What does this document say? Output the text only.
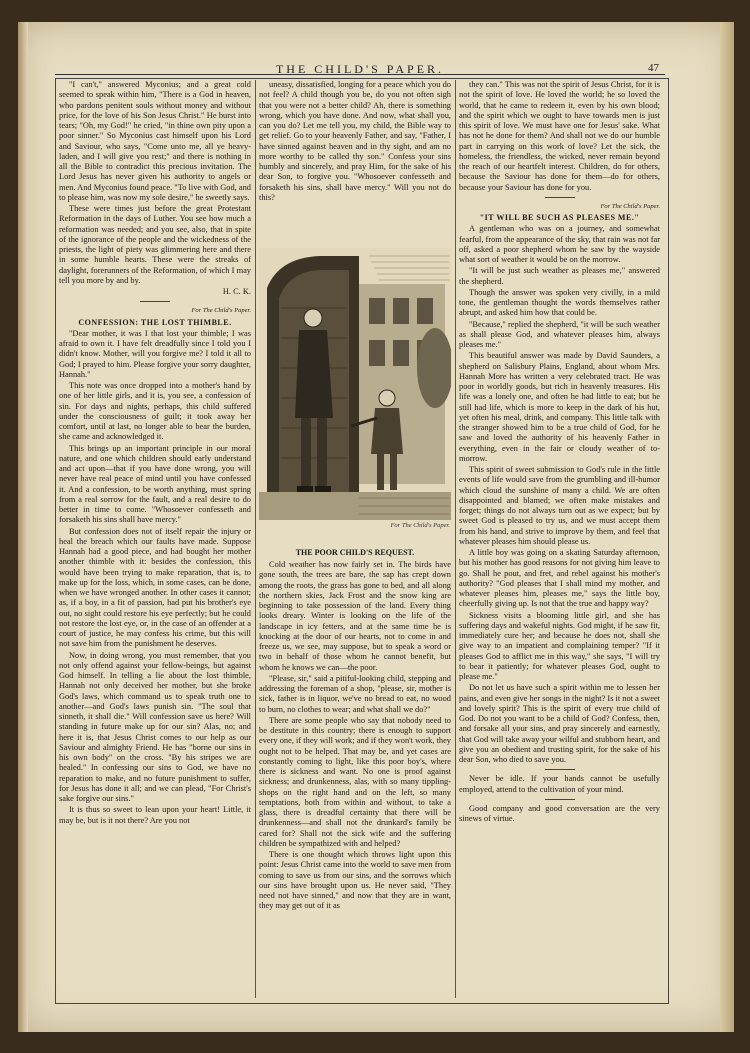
THE CHILD'S PAPER.	47

"I can't," answered Myconius; and a great cold seemed to speak within him, "There is a God in heaven, who pardons penitent souls without money and without price, for the love of his Son Jesus Christ." He burst into tears; "Oh, my God!" he cried, "in thine own pity upon a poor sinner." So Myconius cast himself upon his Lord and Saviour, who says, "Come unto me, all ye heavy-laden, and I will give you rest;" and there is nothing in all the Bible to contradict this precious invitation. The Lord Jesus has never given his authority to angels or men. And Myconius found peace. "To live with God, and to please him, was now my sole desire," he sweetly says.

These were times just before the great Protestant Reformation in the days of Luther. You see how much a reformation was needed; and you see, also, that in spite of the ignorance of the people and the wickedness of the priests, the light of piety was glimmering here and there in some humble hearts. These were the streaks of daylight, forerunners of the Reformation, of which I may tell you more by and by.

H. C. K.

For The Child's Paper.

CONFESSION: THE LOST THIMBLE.

"Dear mother, it was I that lost your thimble; I was afraid to own it. I have felt dreadfully since I told you I didn't know. Mother, will you forgive me? I told it all to God; I prayed to him. Please forgive your sorry daughter, Hannah."

This note was once dropped into a mother's hand by one of her little girls, and it is, you see, a confession of sin. For days and nights, perhaps, this child suffered under the consciousness of guilt; it took away her comfort, until at last, no longer able to bear the burden, she came and acknowledged it.

This brings up an important principle in our moral nature, and one which children should early understand and act upon—that if you have done wrong, you will never have real peace of mind until you have confessed it. And a confession, to be worth anything, must spring from a real sorrow for the fault, and a real desire to do better in time to come. "Whosoever confesseth and forsaketh his sins shall have mercy."

But confession does not of itself repair the injury or heal the breach which our faults have made. Suppose Hannah had a good piece, and had bought her mother another thimble with it: besides the confession, this would have been trying to make reparation, that is, to make up for the loss, which, in some cases, can be done, when we have wronged another. In other cases it cannot; as, if a boy, in a fit of passion, had put his brother's eye out, no sight could restore his eye perfectly; but he could not restore the lost eye, or, in the case of an offender at a court of justice, he may confess his crime, but this will not save him from the punishment he deserves.

Now, in doing wrong, you must remember, that you not only offend against your fellow-beings, but against God himself. In telling a lie about the lost thimble, Hannah not only deceived her mother, but she broke God's laws, which command us to speak truth one to another—and God's laws punish sin. "The soul that sinneth, it shall die." Will confession save us here? Will standing in future make up for our sin? Alas, no; and here it is, that Jesus Christ comes to our help as our Saviour and almighty Friend. He has "borne our sins in his own body" on the cross. "By his stripes we are healed." In confessing our sins to God, we have no reparation to make, and no future punishment to suffer, for Jesus has done it all; and we can plead, "For Christ's sake forgive our sins."

It is thus so sweet to lean upon your heart! Little, it may be, but is it not there? Are you not

uneasy, dissatisfied, longing for a peace which you do not feel? A child though you be, do you not often sigh that you were not a better child? Ah, there is something wrong, which you have done. And now, what shall you, can you do? Let me tell you, my child, the Bible way to get relief. Go to your heavenly Father, and say, "Father, I have sinned against heaven and in thy sight, and am no more worthy to be called thy son." Confess your sins humbly and sincerely, and pray Him, for the sake of his dear Son, to forgive you. "Whosoever confesseth and forsaketh his sins, shall have mercy." Will you not do this?

For The Child's Paper.
THE POOR CHILD'S REQUEST.

Cold weather has now fairly set in. The birds have gone south, the trees are bare, the sap has crept down among the roots, the grass has gone to bed, and all along the northern skies, Jack Frost and the snow king are beginning to take possession of the land. Every thing looks dreary. Winter is looking on the life of the landscape in icy fetters, and at the same time he is knocking at the door of our hearts, not to come in and freeze us, we see, may suppose, but to speak a word or two in behalf of those whom he cannot benefit, but whom he knows we can—the poor.

"Please, sir," said a pitiful-looking child, stepping and addressing the foreman of a shop, "please, sir, mother is sick, father is in liquor, we've no bread to eat, no wood to burn, no clothes to wear; and what shall we do?"

There are some people who say that nobody need to be destitute in this country; there is enough to support every one, if they will work; and if they won't work, they ought not to be helped. That may be, and yet cases are constantly coming to light, like this poor boy's, where there is sickness and want. No one is proof against sickness; and drunkenness, alas, with so many tippling-shops on the right hand and on the left, so many temptations, both from within and without, to take a glass, there is dreadful certainty that there will be drunkenness—and shall not the drunkard's family be cared for? Shall not the sick wife and the suffering children be sympathized with and helped?

There is one thought which throws light upon this point: Jesus Christ came into the world to save men from coming to save us from our sins, and the sorrows which our sins have brought upon us. He never said, "They need not have sinned," and now that they are in want, they may get out of it as

they can." This was not the spirit of Jesus Christ, for it is not the spirit of love. He loved the world; he so loved the world, that he came to redeem it, even by his own blood; and the spirit which we ought to have towards men is just this spirit of love. We must have one for Jesus' sake. What has not he done for them? And shall not we do our humble part in carrying on this work of love? Let the sick, the homeless, the friendless, the wicked, never remain beyond the reach of our heartfelt interest. Children, do for others, because the Saviour has done for them—do for others, because your Saviour has done for you.

For The Child's Paper.

"IT WILL BE SUCH AS PLEASES ME."

A gentleman who was on a journey, and somewhat fearful, from the appearance of the sky, that rain was not far off, asked a poor shepherd whom he saw by the wayside what sort of weather it would be on the morrow.

"It will be just such weather as pleases me," answered the shepherd.

Though the answer was spoken very civilly, in a mild tone, the gentleman thought the words themselves rather abrupt, and asked him how that could be.

"Because," replied the shepherd, "it will be such weather as shall please God, and whatever pleases him, always pleases me."

This beautiful answer was made by David Saunders, a shepherd on Salisbury Plains, England, about whom Mrs. Hannah More has written a very celebrated tract. He was poor in worldly goods, but rich in heavenly treasures. His life was a lonely one, and often he had little to eat; but he still had life, which is more to keep in the dark of his hut, yet often his meal, drink, and company. This little talk with the stranger showed him to be a true child of God, for he saw and loved the authority of his heavenly Father in everything, even in the fair or cloudy weather of to-morrow.

This spirit of sweet submission to God's rule in the little events of life would save from the grumbling and ill-humor which cloud the sunshine of many a child. We are often disappointed and blamed; we often make mistakes and forget; things do not always turn out as we expect; but by sweet God is pleased to try us, and we must accept them from his hand, and strive to improve by them, and feel that whatever pleases him should please us.

A little boy was going on a skating Saturday afternoon, but his mother has good reasons for not giving him leave to go. Shall he pout, and fret, and rebel against his mother's authority? "God pleases that I shall mind my mother, and whatever pleases him, pleases me," says the little boy, cheerfully giving up. Is not that the true and happy way?

Sickness visits a blooming little girl, and she has suffering days and wakeful nights. God might, if he saw fit, immediately cure her; and because he does not, shall she give way to an impatient and complaining temper? "If it pleases God to afflict me in this way," she says, "I will try to bear it patiently; for whatever pleases God, ought to please me."

Do not let us have such a spirit within me to lessen her pains, and even give her songs in the night? Is it not a sweet and lovely spirit? This is the spirit of every true child of God. Do not you want to be a child of God? Confess, then, and forsake all your sins, and pray sincerely and earnestly, that God will take away your wilful and stubborn heart, and give you an obedient and trusting spirit, for the sake of his dear Son, who died to save you.

Never be idle. If your hands cannot be usefully employed, attend to the cultivation of your mind.

Good company and good conversation are the very sinews of virtue.
